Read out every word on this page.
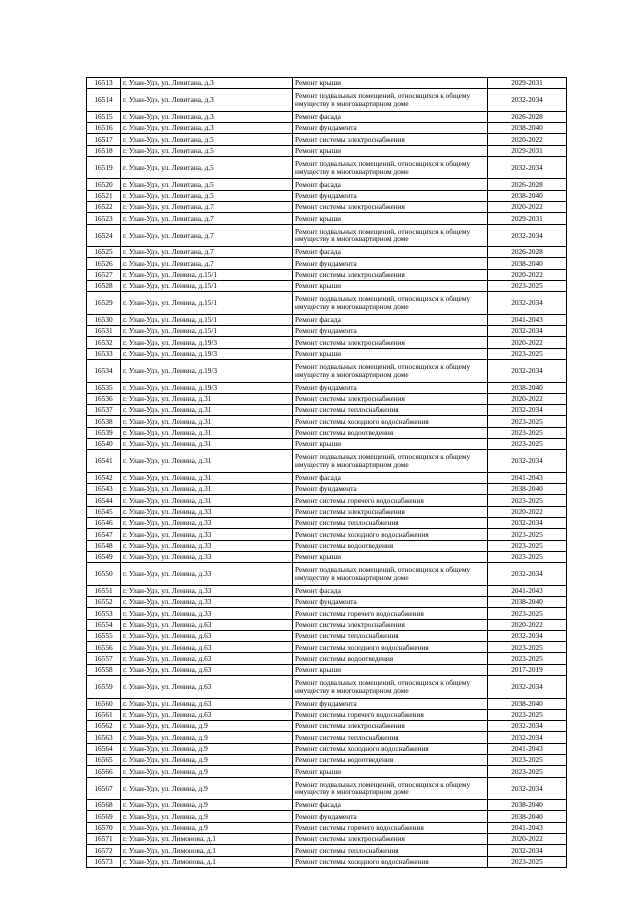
16513	г. Улан-Удэ, ул. Левитана, д.3	Ремонт крыши	2029-2031
16514	г. Улан-Удэ, ул. Левитана, д.3	Ремонт подвальных помещений, относящихся к общему имуществу в многоквартирном доме	2032-2034
16515	г. Улан-Удэ, ул. Левитана, д.3	Ремонт фасада	2026-2028
16516	г. Улан-Удэ, ул. Левитана, д.3	Ремонт фундамента	2038-2040
16517	г. Улан-Удэ, ул. Левитана, д.5	Ремонт системы электроснабжения	2020-2022
16518	г. Улан-Удэ, ул. Левитана, д.5	Ремонт крыши	2029-2031
16519	г. Улан-Удэ, ул. Левитана, д.5	Ремонт подвальных помещений, относящихся к общему имуществу в многоквартирном доме	2032-2034
16520	г. Улан-Удэ, ул. Левитана, д.5	Ремонт фасада	2026-2028
16521	г. Улан-Удэ, ул. Левитана, д.5	Ремонт фундамента	2038-2040
16522	г. Улан-Удэ, ул. Левитана, д.7	Ремонт системы электроснабжения	2020-2022
16523	г. Улан-Удэ, ул. Левитана, д.7	Ремонт крыши	2029-2031
16524	г. Улан-Удэ, ул. Левитана, д.7	Ремонт подвальных помещений, относящихся к общему имуществу в многоквартирном доме	2032-2034
16525	г. Улан-Удэ, ул. Левитана, д.7	Ремонт фасада	2026-2028
16526	г. Улан-Удэ, ул. Левитана, д.7	Ремонт фундамента	2038-2040
16527	г. Улан-Удэ, ул. Ленина, д.15/1	Ремонт системы электроснабжения	2020-2022
16528	г. Улан-Удэ, ул. Ленина, д.15/1	Ремонт крыши	2023-2025
16529	г. Улан-Удэ, ул. Ленина, д.15/1	Ремонт подвальных помещений, относящихся к общему имуществу в многоквартирном доме	2032-2034
16530	г. Улан-Удэ, ул. Ленина, д.15/1	Ремонт фасада	2041-2043
16531	г. Улан-Удэ, ул. Ленина, д.15/1	Ремонт фундамента	2032-2034
16532	г. Улан-Удэ, ул. Ленина, д.19/3	Ремонт системы электроснабжения	2020-2022
16533	г. Улан-Удэ, ул. Ленина, д.19/3	Ремонт крыши	2023-2025
16534	г. Улан-Удэ, ул. Ленина, д.19/3	Ремонт подвальных помещений, относящихся к общему имуществу в многоквартирном доме	2032-2034
16535	г. Улан-Удэ, ул. Ленина, д.19/3	Ремонт фундамента	2038-2040
16536	г. Улан-Удэ, ул. Ленина, д.31	Ремонт системы электроснабжения	2020-2022
16537	г. Улан-Удэ, ул. Ленина, д.31	Ремонт системы теплоснабжения	2032-2034
16538	г. Улан-Удэ, ул. Ленина, д.31	Ремонт системы холодного водоснабжения	2023-2025
16539	г. Улан-Удэ, ул. Ленина, д.31	Ремонт системы водоотведения	2023-2025
16540	г. Улан-Удэ, ул. Ленина, д.31	Ремонт крыши	2023-2025
16541	г. Улан-Удэ, ул. Ленина, д.31	Ремонт подвальных помещений, относящихся к общему имуществу в многоквартирном доме	2032-2034
16542	г. Улан-Удэ, ул. Ленина, д.31	Ремонт фасада	2041-2043
16543	г. Улан-Удэ, ул. Ленина, д.31	Ремонт фундамента	2038-2040
16544	г. Улан-Удэ, ул. Ленина, д.31	Ремонт системы горячего водоснабжения	2023-2025
16545	г. Улан-Удэ, ул. Ленина, д.33	Ремонт системы электроснабжения	2020-2022
16546	г. Улан-Удэ, ул. Ленина, д.33	Ремонт системы теплоснабжения	2032-2034
16547	г. Улан-Удэ, ул. Ленина, д.33	Ремонт системы холодного водоснабжения	2023-2025
16548	г. Улан-Удэ, ул. Ленина, д.33	Ремонт системы водоотведения	2023-2025
16549	г. Улан-Удэ, ул. Ленина, д.33	Ремонт крыши	2023-2025
16550	г. Улан-Удэ, ул. Ленина, д.33	Ремонт подвальных помещений, относящихся к общему имуществу в многоквартирном доме	2032-2034
16551	г. Улан-Удэ, ул. Ленина, д.33	Ремонт фасада	2041-2043
16552	г. Улан-Удэ, ул. Ленина, д.33	Ремонт фундамента	2038-2040
16553	г. Улан-Удэ, ул. Ленина, д.33	Ремонт системы горячего водоснабжения	2023-2025
16554	г. Улан-Удэ, ул. Ленина, д.63	Ремонт системы электроснабжения	2020-2022
16555	г. Улан-Удэ, ул. Ленина, д.63	Ремонт системы теплоснабжения	2032-2034
16556	г. Улан-Удэ, ул. Ленина, д.63	Ремонт системы холодного водоснабжения	2023-2025
16557	г. Улан-Удэ, ул. Ленина, д.63	Ремонт системы водоотведения	2023-2025
16558	г. Улан-Удэ, ул. Ленина, д.63	Ремонт крыши	2017-2019
16559	г. Улан-Удэ, ул. Ленина, д.63	Ремонт подвальных помещений, относящихся к общему имуществу в многоквартирном доме	2032-2034
16560	г. Улан-Удэ, ул. Ленина, д.63	Ремонт фундамента	2038-2040
16561	г. Улан-Удэ, ул. Ленина, д.63	Ремонт системы горячего водоснабжения	2023-2025
16562	г. Улан-Удэ, ул. Ленина, д.9	Ремонт системы электроснабжения	2032-2034
16563	г. Улан-Удэ, ул. Ленина, д.9	Ремонт системы теплоснабжения	2032-2034
16564	г. Улан-Удэ, ул. Ленина, д.9	Ремонт системы холодного водоснабжения	2041-2043
16565	г. Улан-Удэ, ул. Ленина, д.9	Ремонт системы водоотведения	2023-2025
16566	г. Улан-Удэ, ул. Ленина, д.9	Ремонт крыши	2023-2025
16567	г. Улан-Удэ, ул. Ленина, д.9	Ремонт подвальных помещений, относящихся к общему имуществу в многоквартирном доме	2032-2034
16568	г. Улан-Удэ, ул. Ленина, д.9	Ремонт фасада	2038-2040
16569	г. Улан-Удэ, ул. Ленина, д.9	Ремонт фундамента	2038-2040
16570	г. Улан-Удэ, ул. Ленина, д.9	Ремонт системы горячего водоснабжения	2041-2043
16571	г. Улан-Удэ, ул. Лимонова, д.1	Ремонт системы электроснабжения	2020-2022
16572	г. Улан-Удэ, ул. Лимонова, д.1	Ремонт системы теплоснабжения	2032-2034
16573	г. Улан-Удэ, ул. Лимонова, д.1	Ремонт системы холодного водоснабжения	2023-2025
